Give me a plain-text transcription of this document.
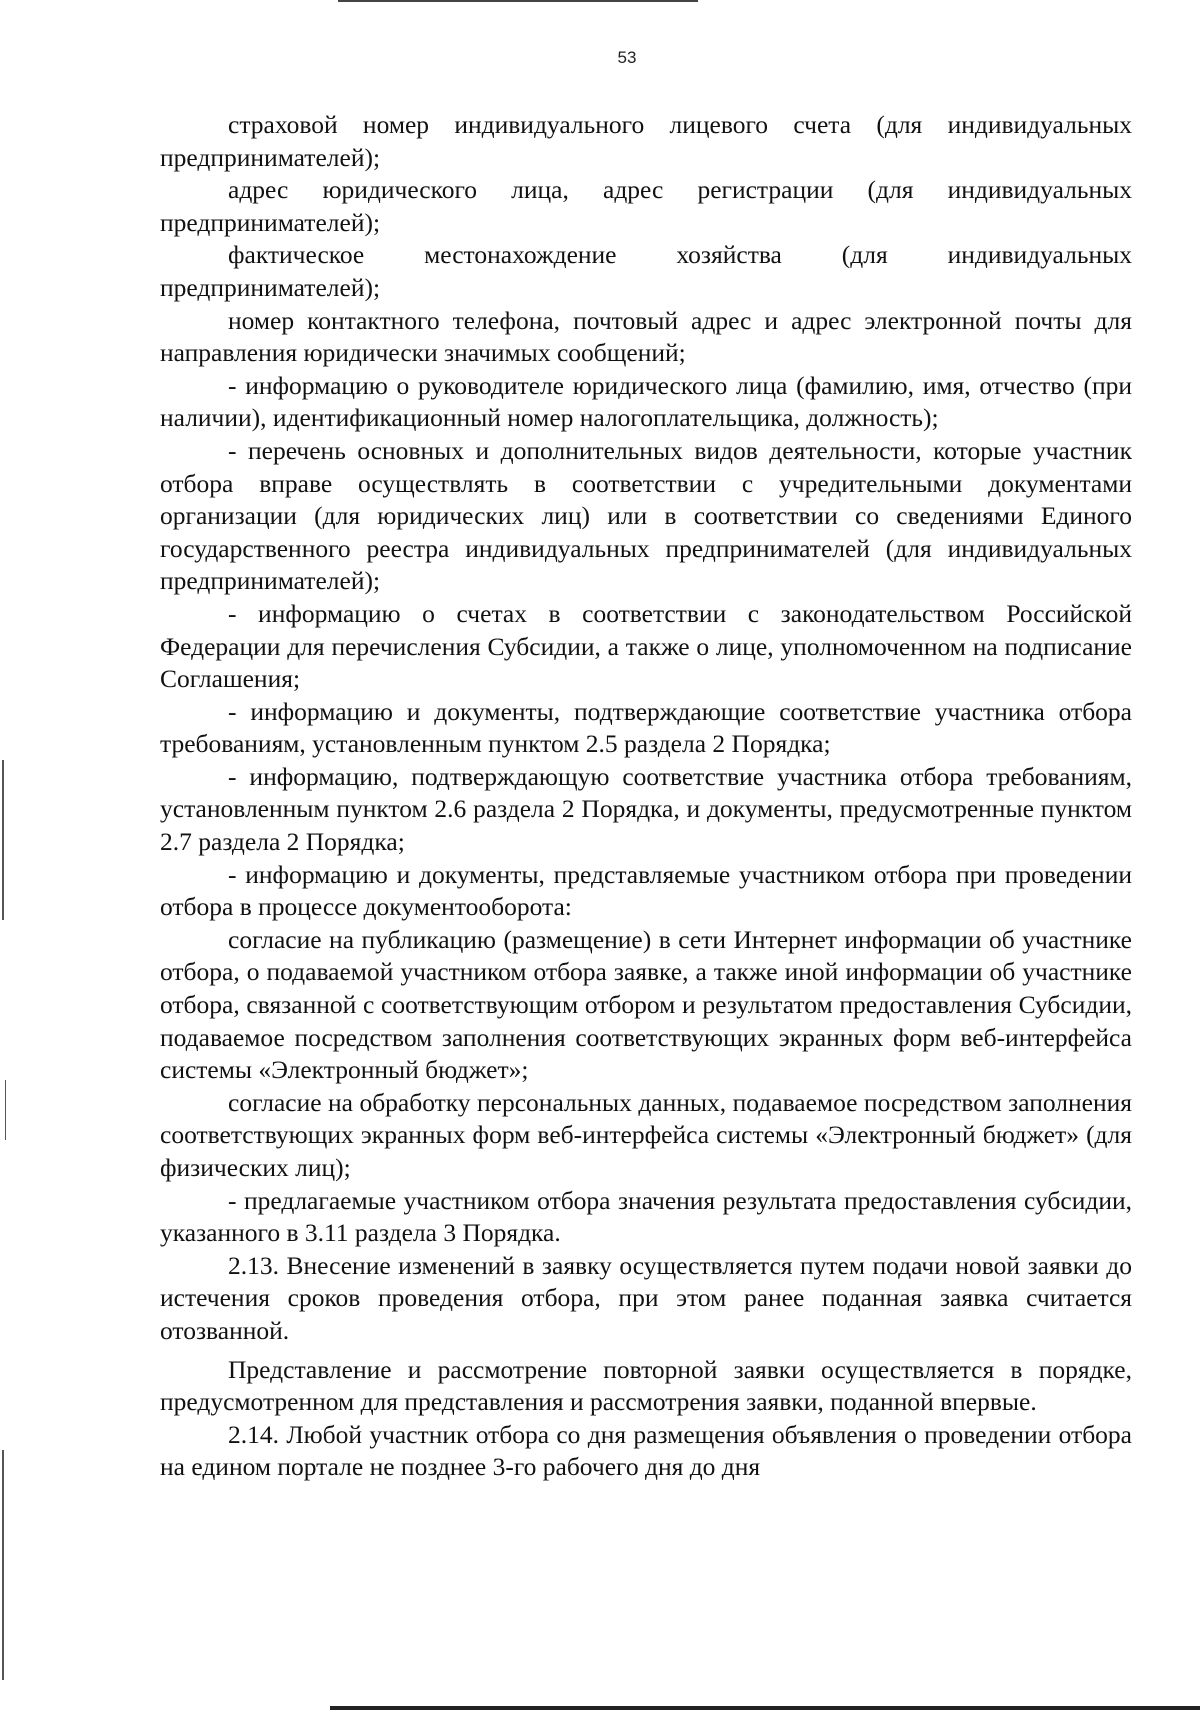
53

страховой номер индивидуального лицевого счета (для индивидуальных предпринимателей);

адрес юридического лица, адрес регистрации (для индивидуальных предпринимателей);

фактическое местонахождение хозяйства (для индивидуальных предпринимателей);

номер контактного телефона, почтовый адрес и адрес электронной почты для направления юридически значимых сообщений;

- информацию о руководителе юридического лица (фамилию, имя, отчество (при наличии), идентификационный номер налогоплательщика, должность);

- перечень основных и дополнительных видов деятельности, которые участник отбора вправе осуществлять в соответствии с учредительными документами организации (для юридических лиц) или в соответствии со сведениями Единого государственного реестра индивидуальных предпринимателей (для индивидуальных предпринимателей);

- информацию о счетах в соответствии с законодательством Российской Федерации для перечисления Субсидии, а также о лице, уполномоченном на подписание Соглашения;

- информацию и документы, подтверждающие соответствие участника отбора требованиям, установленным пунктом 2.5 раздела 2 Порядка;

- информацию, подтверждающую соответствие участника отбора требованиям, установленным пунктом 2.6 раздела 2 Порядка, и документы, предусмотренные пунктом 2.7 раздела 2 Порядка;

- информацию и документы, представляемые участником отбора при проведении отбора в процессе документооборота:

согласие на публикацию (размещение) в сети Интернет информации об участнике отбора, о подаваемой участником отбора заявке, а также иной информации об участнике отбора, связанной с соответствующим отбором и результатом предоставления Субсидии, подаваемое посредством заполнения соответствующих экранных форм веб-интерфейса системы «Электронный бюджет»;

согласие на обработку персональных данных, подаваемое посредством заполнения соответствующих экранных форм веб-интерфейса системы «Электронный бюджет» (для физических лиц);

- предлагаемые участником отбора значения результата предоставления субсидии, указанного в 3.11 раздела 3 Порядка.

2.13. Внесение изменений в заявку осуществляется путем подачи новой заявки до истечения сроков проведения отбора, при этом ранее поданная заявка считается отозванной.

Представление и рассмотрение повторной заявки осуществляется в порядке, предусмотренном для представления и рассмотрения заявки, поданной впервые.

2.14. Любой участник отбора со дня размещения объявления о проведении отбора на едином портале не позднее 3-го рабочего дня до дня
